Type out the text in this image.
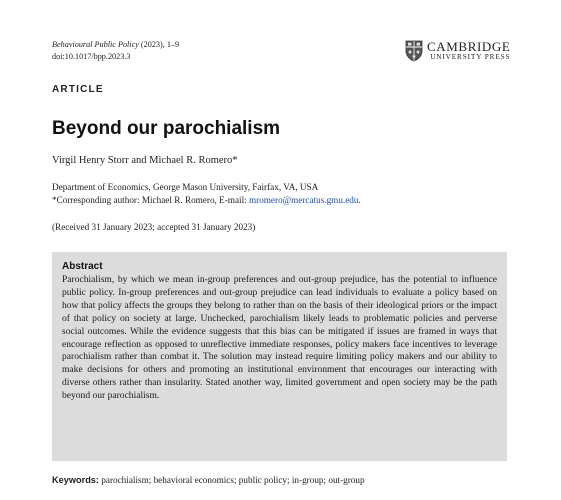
Behavioural Public Policy (2023), 1–9
doi:10.1017/bpp.2023.3
CAMBRIDGE
UNIVERSITY PRESS
ARTICLE
Beyond our parochialism
Virgil Henry Storr and Michael R. Romero*
Department of Economics, George Mason University, Fairfax, VA, USA
*Corresponding author: Michael R. Romero, E-mail: mromero@mercatus.gmu.edu.
(Received 31 January 2023; accepted 31 January 2023)
Abstract

Parochialism, by which we mean in-group preferences and out-group prejudice, has the potential to influence public policy. In-group preferences and out-group prejudice can lead individuals to evaluate a policy based on how that policy affects the groups they belong to rather than on the basis of their ideological priors or the impact of that policy on society at large. Unchecked, parochialism likely leads to problematic policies and perverse social outcomes. While the evidence suggests that this bias can be mitigated if issues are framed in ways that encourage reflection as opposed to unreflective immediate responses, policy makers face incentives to leverage parochialism rather than combat it. The solution may instead require limiting policy makers and our ability to make decisions for others and promoting an institutional environment that encourages our interacting with diverse others rather than insularity. Stated another way, limited government and open society may be the path beyond our parochialism.

Keywords: parochialism; behavioral economics; public policy; in-group; out-group
